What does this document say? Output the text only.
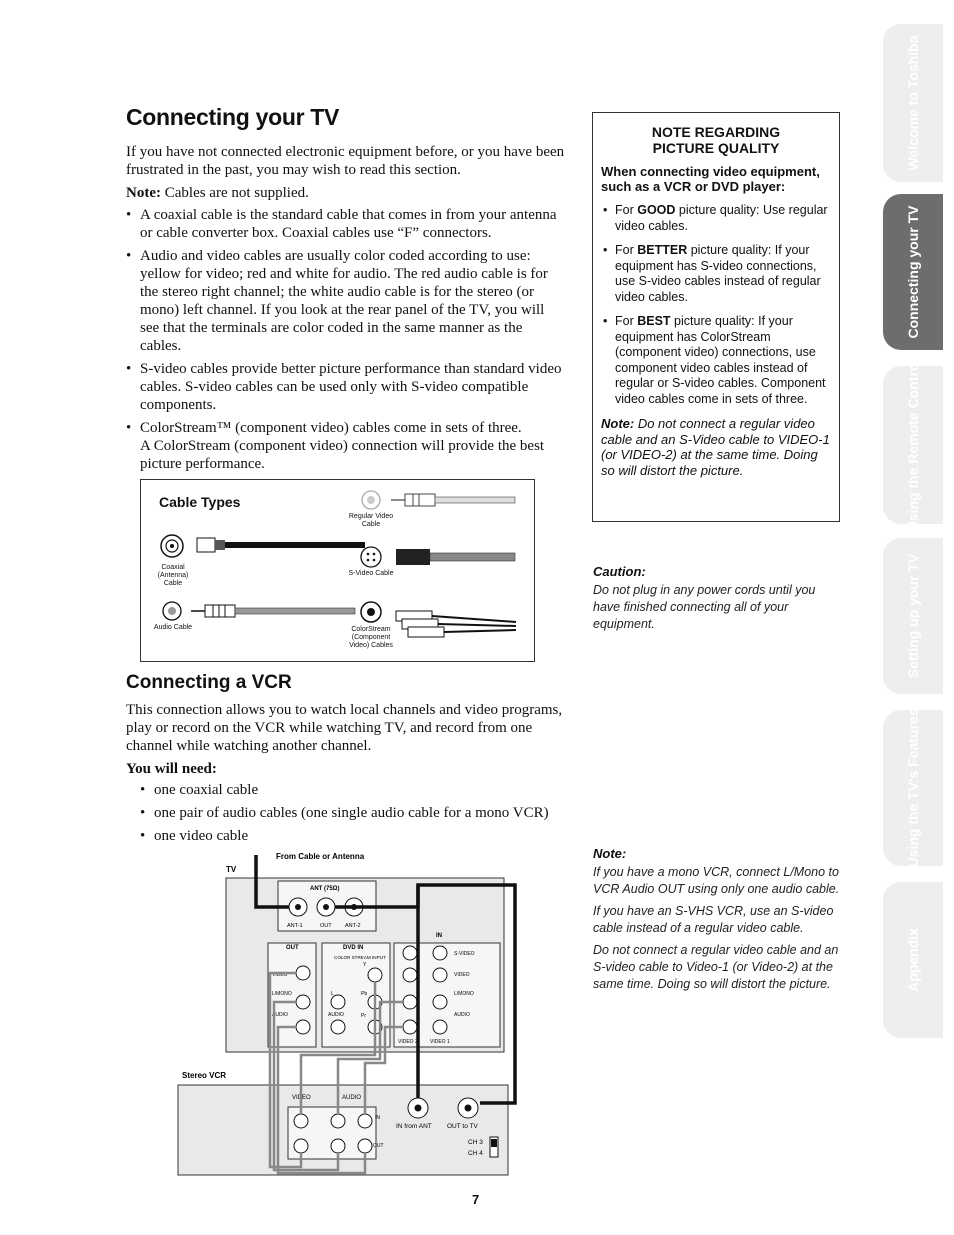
Connecting your TV

If you have not connected electronic equipment before, or you have been frustrated in the past, you may wish to read this section.

Note: Cables are not supplied.

• A coaxial cable is the standard cable that comes in from your antenna or cable converter box. Coaxial cables use “F” connectors.
• Audio and video cables are usually color coded according to use: yellow for video; red and white for audio. The red audio cable is for the stereo right channel; the white audio cable is for the stereo (or mono) left channel. If you look at the rear panel of the TV, you will see that the terminals are color coded in the same manner as the cables.
• S-video cables provide better picture performance than standard video cables. S-video cables can be used only with S-video compatible components.
• ColorStream™ (component video) cables come in sets of three.
A ColorStream (component video) connection will provide the best picture performance.
Cable Types
Coaxial (Antenna) Cable
Audio Cable
Regular Video Cable
S-Video Cable
ColorStream (Component Video) Cables
Connecting a VCR

This connection allows you to watch local channels and video programs, play or record on the VCR while watching TV, and record from one channel while watching another channel.

You will need:

• one coaxial cable
• one pair of audio cables (one single audio cable for a mono VCR)
• one video cable
NOTE REGARDING
PICTURE QUALITY
When connecting video equipment, such as a VCR or DVD player:
• For GOOD picture quality: Use regular video cables.
• For BETTER picture quality: If your equipment has S-video connections, use S-video cables instead of regular video cables.
• For BEST picture quality: If your equipment has ColorStream (component video) connections, use component video cables instead of regular or S-video cables. Component video cables come in sets of three.
Note: Do not connect a regular video cable and an S-Video cable to VIDEO-1 (or VIDEO-2) at the same time. Doing so will distort the picture.
Caution:
Do not plug in any power cords until you have finished connecting all of your equipment.
Note:
If you have a mono VCR, connect L/Mono to VCR Audio OUT using only one audio cable.
If you have an S-VHS VCR, use an S-video cable instead of a regular video cable.
Do not connect a regular video cable and an S-video cable to Video-1 (or Video-2) at the same time. Doing so will distort the picture.
TV
From Cable or Antenna
ANT (75Ω)
ANT-1	OUT ANT-2
OUT
VIDEO
L/MONO
AUDIO
DVD IN
COLOR STREAM INPUT
Y
Pb
Pr
L
AUDIO
IN
S-VIDEO
VIDEO
L/MONO
AUDIO
VIDEO 2 VIDEO 1
Stereo VCR
VIDEO	AUDIO
IN
OUT
IN from ANT OUT to TV
CH 3
CH 4
7
Welcome to Toshiba
Connecting your TV
Using the Remote Control
Setting up your TV
Using the TV's Features
Appendix
